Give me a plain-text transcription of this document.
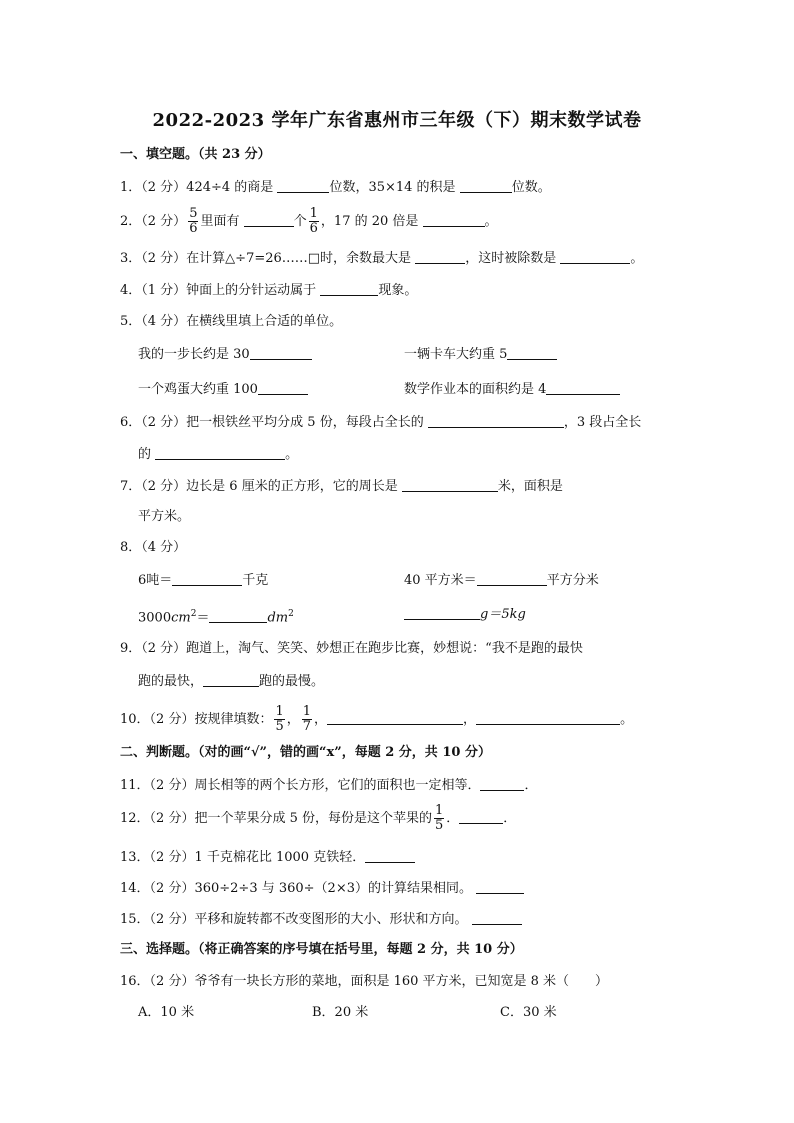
2022-2023 学年广东省惠州市三年级（下）期末数学试卷
一、填空题。（共 23 分）
1．（2 分）424÷4 的商是	位数，35×14 的积是	位数。
2．（2 分） $\frac{5}{6}$ 里面有	个 $\frac{1}{6}$ ，17 的 20 倍是	。
3．（2 分）在计算△÷7=26……□时，余数最大是	，这时被除数是	。
4．（1 分）钟面上的分针运动属于	现象。
5．（4 分）在横线里填上合适的单位。
我的一步长约是 30	一辆卡车大约重 5
一个鸡蛋大约重 100	数学作业本的面积约是 4
6．（2 分）把一根铁丝平均分成 5 份，每段占全长的	，3 段占全长
的	。
7．（2 分）边长是 6 厘米的正方形，它的周长是	米，面积是
平方米。
8．（4 分）
6吨＝	千克	40 平方米＝	平方分米
$3000cm^2=$	$dm^2$	g＝5kg
9．（2 分）跑道上，淘气、笑笑、妙想正在跑步比赛，妙想说：“我不是跑的最快
跑的最快，	跑的最慢。
10．（2 分）按规律填数： $\frac{1}{5}$ ， $\frac{1}{7}$ ，	，	。
二、判断题。（对的画“√”，错的画“x”，每题 2 分，共 10 分）
11．（2 分）周长相等的两个长方形，它们的面积也一定相等．	．
12．（2 分）把一个苹果分成 5 份，每份是这个苹果的 $\frac{1}{5}$ ．	．
13．（2 分）1 千克棉花比 1000 克铁轻．
14．（2 分）360÷2÷3 与 360÷（2×3）的计算结果相同。
15．（2 分）平移和旋转都不改变图形的大小、形状和方向。
三、选择题。（将正确答案的序号填在括号里，每题 2 分，共 10 分）
16．（2 分）爷爷有一块长方形的菜地，面积是 160 平方米，已知宽是 8 米（　　）
A．10 米	B．20 米	C．30 米
